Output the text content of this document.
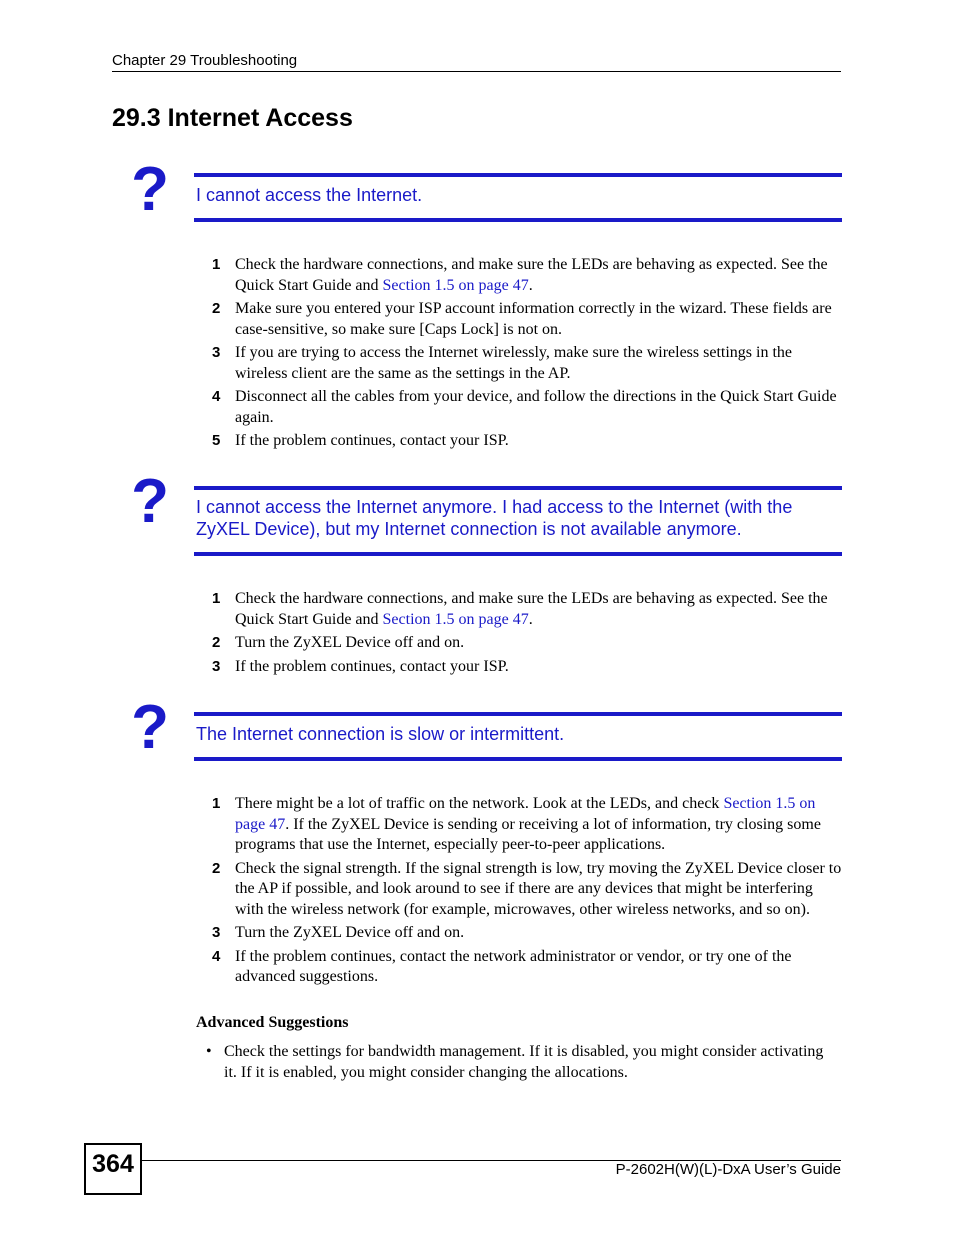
Chapter 29 Troubleshooting
29.3 Internet Access
? I cannot access the Internet.
1 Check the hardware connections, and make sure the LEDs are behaving as expected. See the Quick Start Guide and Section 1.5 on page 47.
2 Make sure you entered your ISP account information correctly in the wizard. These fields are case-sensitive, so make sure [Caps Lock] is not on.
3 If you are trying to access the Internet wirelessly, make sure the wireless settings in the wireless client are the same as the settings in the AP.
4 Disconnect all the cables from your device, and follow the directions in the Quick Start Guide again.
5 If the problem continues, contact your ISP.
? I cannot access the Internet anymore. I had access to the Internet (with the ZyXEL Device), but my Internet connection is not available anymore.
1 Check the hardware connections, and make sure the LEDs are behaving as expected. See the Quick Start Guide and Section 1.5 on page 47.
2 Turn the ZyXEL Device off and on.
3 If the problem continues, contact your ISP.
? The Internet connection is slow or intermittent.
1 There might be a lot of traffic on the network. Look at the LEDs, and check Section 1.5 on page 47. If the ZyXEL Device is sending or receiving a lot of information, try closing some programs that use the Internet, especially peer-to-peer applications.
2 Check the signal strength. If the signal strength is low, try moving the ZyXEL Device closer to the AP if possible, and look around to see if there are any devices that might be interfering with the wireless network (for example, microwaves, other wireless networks, and so on).
3 Turn the ZyXEL Device off and on.
4 If the problem continues, contact the network administrator or vendor, or try one of the advanced suggestions.
Advanced Suggestions
• Check the settings for bandwidth management. If it is disabled, you might consider activating it. If it is enabled, you might consider changing the allocations.
364	P-2602H(W)(L)-DxA User’s Guide
